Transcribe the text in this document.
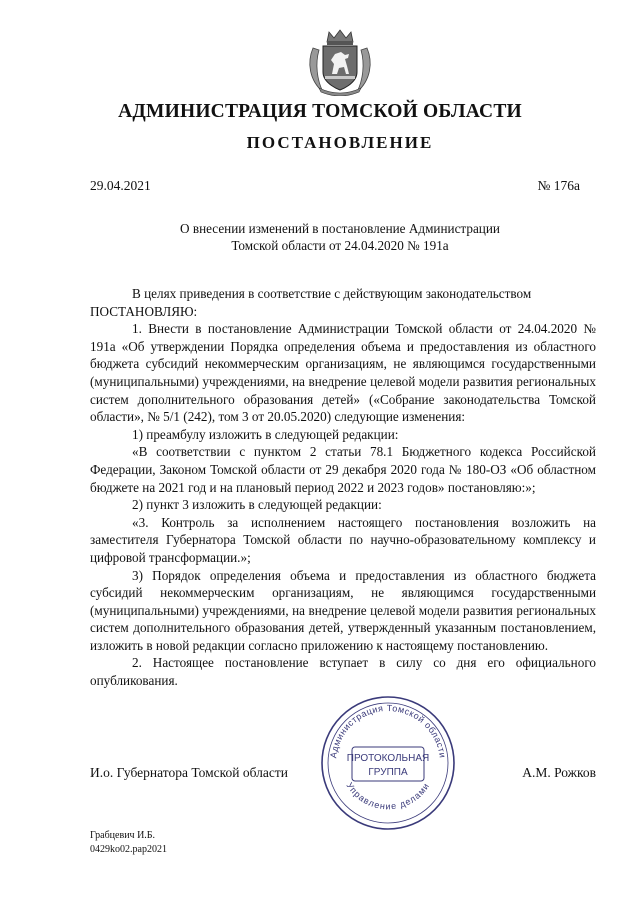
АДМИНИСТРАЦИЯ ТОМСКОЙ ОБЛАСТИ
ПОСТАНОВЛЕНИЕ
29.04.2021	№ 176а
О внесении изменений в постановление Администрации
Томской области от 24.04.2020 № 191а

В целях приведения в соответствие с действующим законодательством

ПОСТАНОВЛЯЮ:

1. Внести в постановление Администрации Томской области от 24.04.2020 № 191а «Об утверждении Порядка определения объема и предоставления из областного бюджета субсидий некоммерческим организациям, не являющимся государственными (муниципальными) учреждениями, на внедрение целевой модели развития региональных систем дополнительного образования детей» («Собрание законодательства Томской области», № 5/1 (242), том 3 от 20.05.2020) следующие изменения:

1) преамбулу изложить в следующей редакции:

«В соответствии с пунктом 2 статьи 78.1 Бюджетного кодекса Российской Федерации, Законом Томской области от 29 декабря 2020 года № 180-ОЗ «Об областном бюджете на 2021 год и на плановый период 2022 и 2023 годов» постановляю:»;

2) пункт 3 изложить в следующей редакции:

«3. Контроль за исполнением настоящего постановления возложить на заместителя Губернатора Томской области по научно-образовательному комплексу и цифровой трансформации.»;

3) Порядок определения объема и предоставления из областного бюджета субсидий некоммерческим организациям, не являющимся государственными (муниципальными) учреждениями, на внедрение целевой модели развития региональных систем дополнительного образования детей, утвержденный указанным постановлением, изложить в новой редакции согласно приложению к настоящему постановлению.

2. Настоящее постановление вступает в силу со дня его официального опубликования.

Администрация Томской области
Управление делами
ПРОТОКОЛЬНАЯ
ГРУППА
И.о. Губернатора Томской области	А.М. Рожков
Грабцевич И.Б.
0429ko02.pap2021
